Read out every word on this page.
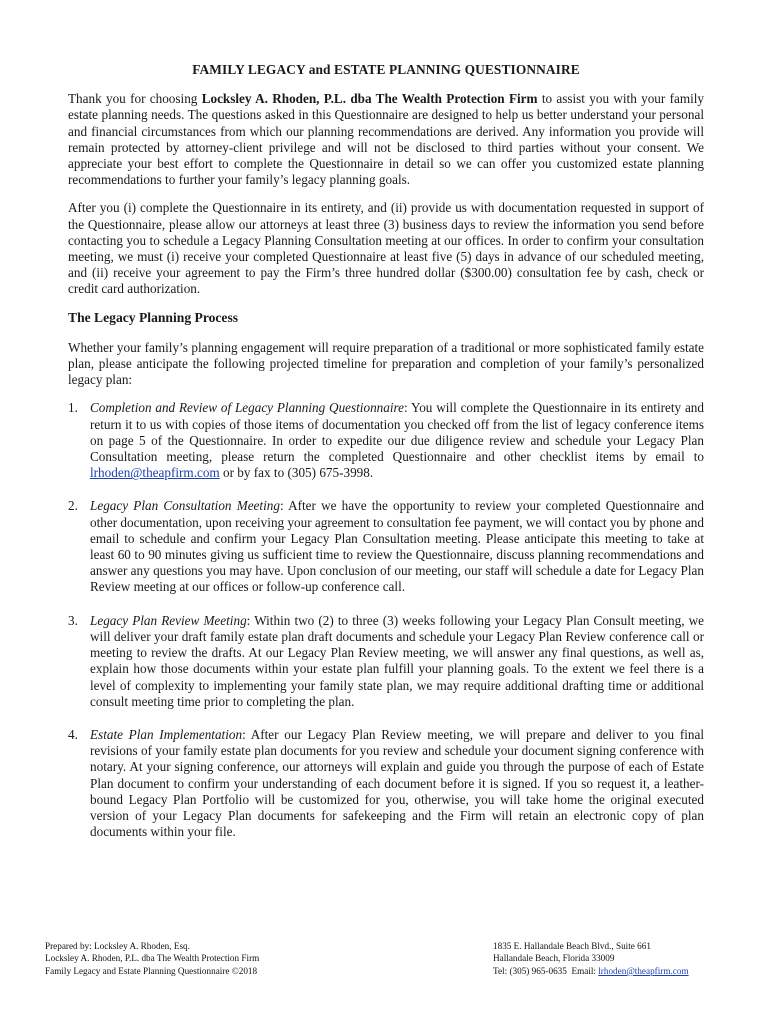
FAMILY LEGACY and ESTATE PLANNING QUESTIONNAIRE

Thank you for choosing Locksley A. Rhoden, P.L. dba The Wealth Protection Firm to assist you with your family estate planning needs. The questions asked in this Questionnaire are designed to help us better understand your personal and financial circumstances from which our planning recommendations are derived. Any information you provide will remain protected by attorney-client privilege and will not be disclosed to third parties without your consent. We appreciate your best effort to complete the Questionnaire in detail so we can offer you customized estate planning recommendations to further your family’s legacy planning goals.

After you (i) complete the Questionnaire in its entirety, and (ii) provide us with documentation requested in support of the Questionnaire, please allow our attorneys at least three (3) business days to review the information you send before contacting you to schedule a Legacy Planning Consultation meeting at our offices. In order to confirm your consultation meeting, we must (i) receive your completed Questionnaire at least five (5) days in advance of our scheduled meeting, and (ii) receive your agreement to pay the Firm’s three hundred dollar ($300.00) consultation fee by cash, check or credit card authorization.

The Legacy Planning Process

Whether your family’s planning engagement will require preparation of a traditional or more sophisticated family estate plan, please anticipate the following projected timeline for preparation and completion of your family’s personalized legacy plan:

1. Completion and Review of Legacy Planning Questionnaire: You will complete the Questionnaire in its entirety and return it to us with copies of those items of documentation you checked off from the list of legacy conference items on page 5 of the Questionnaire. In order to expedite our due diligence review and schedule your Legacy Plan Consultation meeting, please return the completed Questionnaire and other checklist items by email to lrhoden@theapfirm.com or by fax to (305) 675-3998.
2. Legacy Plan Consultation Meeting: After we have the opportunity to review your completed Questionnaire and other documentation, upon receiving your agreement to consultation fee payment, we will contact you by phone and email to schedule and confirm your Legacy Plan Consultation meeting. Please anticipate this meeting to take at least 60 to 90 minutes giving us sufficient time to review the Questionnaire, discuss planning recommendations and answer any questions you may have. Upon conclusion of our meeting, our staff will schedule a date for Legacy Plan Review meeting at our offices or follow-up conference call.
3. Legacy Plan Review Meeting: Within two (2) to three (3) weeks following your Legacy Plan Consult meeting, we will deliver your draft family estate plan draft documents and schedule your Legacy Plan Review conference call or meeting to review the drafts. At our Legacy Plan Review meeting, we will answer any final questions, as well as, explain how those documents within your estate plan fulfill your planning goals. To the extent we feel there is a level of complexity to implementing your family state plan, we may require additional drafting time or additional consult meeting time prior to completing the plan.
4. Estate Plan Implementation: After our Legacy Plan Review meeting, we will prepare and deliver to you final revisions of your family estate plan documents for you review and schedule your document signing conference with notary. At your signing conference, our attorneys will explain and guide you through the purpose of each of Estate Plan document to confirm your understanding of each document before it is signed. If you so request it, a leather-bound Legacy Plan Portfolio will be customized for you, otherwise, you will take home the original executed version of your Legacy Plan documents for safekeeping and the Firm will retain an electronic copy of plan documents within your file.
Prepared by: Locksley A. Rhoden, Esq.
Locksley A. Rhoden, P.L. dba The Wealth Protection Firm
Family Legacy and Estate Planning Questionnaire ©2018
1835 E. Hallandale Beach Blvd., Suite 661
Hallandale Beach, Florida 33009
Tel: (305) 965-0635  Email: lrhoden@theapfirm.com
